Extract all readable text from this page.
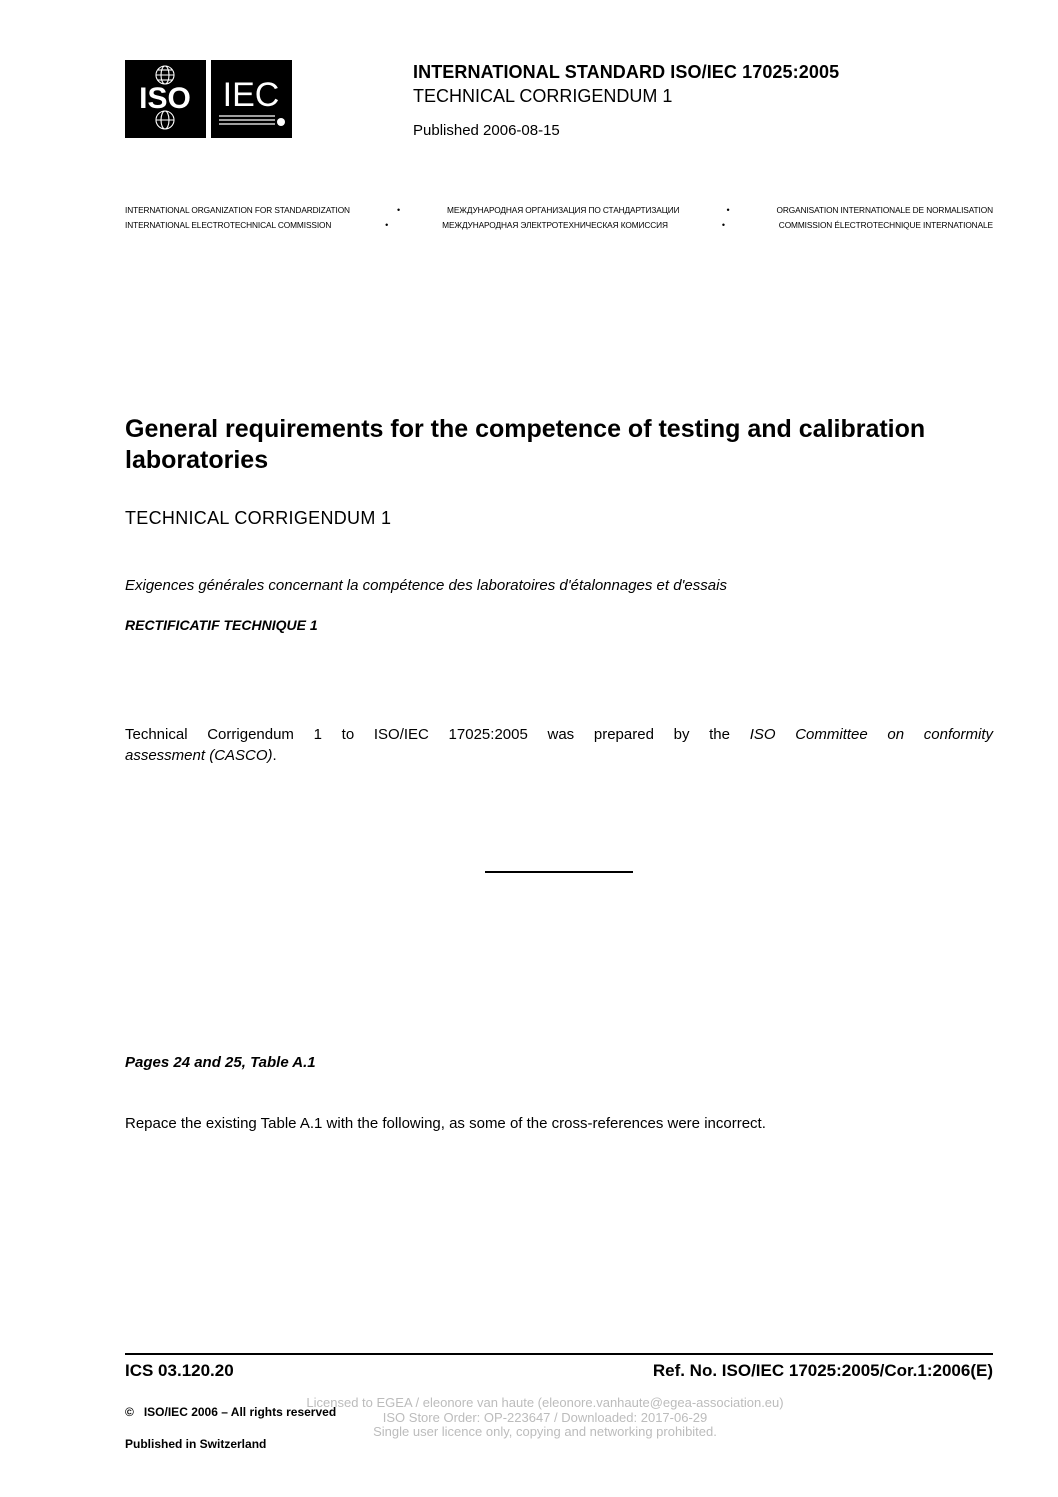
ISO IEC
INTERNATIONAL STANDARD ISO/IEC 17025:2005
TECHNICAL CORRIGENDUM 1
Published 2006-08-15
INTERNATIONAL ORGANIZATION FOR STANDARDIZATION	•	МЕЖДУНАРОДНАЯ ОРГАНИЗАЦИЯ ПО СТАНДАРТИЗАЦИИ	•	ORGANISATION INTERNATIONALE DE NORMALISATION
INTERNATIONAL ELECTROTECHNICAL COMMISSION	•	МЕЖДУНАРОДНАЯ ЭЛЕКТРОТЕХНИЧЕСКАЯ КОМИССИЯ	•	COMMISSION ÉLECTROTECHNIQUE INTERNATIONALE
General requirements for the competence of testing and calibration laboratories
TECHNICAL CORRIGENDUM 1
Exigences générales concernant la compétence des laboratoires d'étalonnages et d'essais
RECTIFICATIF TECHNIQUE 1
Technical Corrigendum 1 to ISO/IEC 17025:2005 was prepared by the ISO Committee on conformity
assessment (CASCO).
Pages 24 and 25, Table A.1
Repace the existing Table A.1 with the following, as some of the cross-references were incorrect.
ICS 03.120.20	Ref. No. ISO/IEC 17025:2005/Cor.1:2006(E)
© ISO/IEC 2006 – All rights reserved
Published in Switzerland
Licensed to EGEA / eleonore van haute (eleonore.vanhaute@egea-association.eu)
ISO Store Order: OP-223647 / Downloaded: 2017-06-29
Single user licence only, copying and networking prohibited.
